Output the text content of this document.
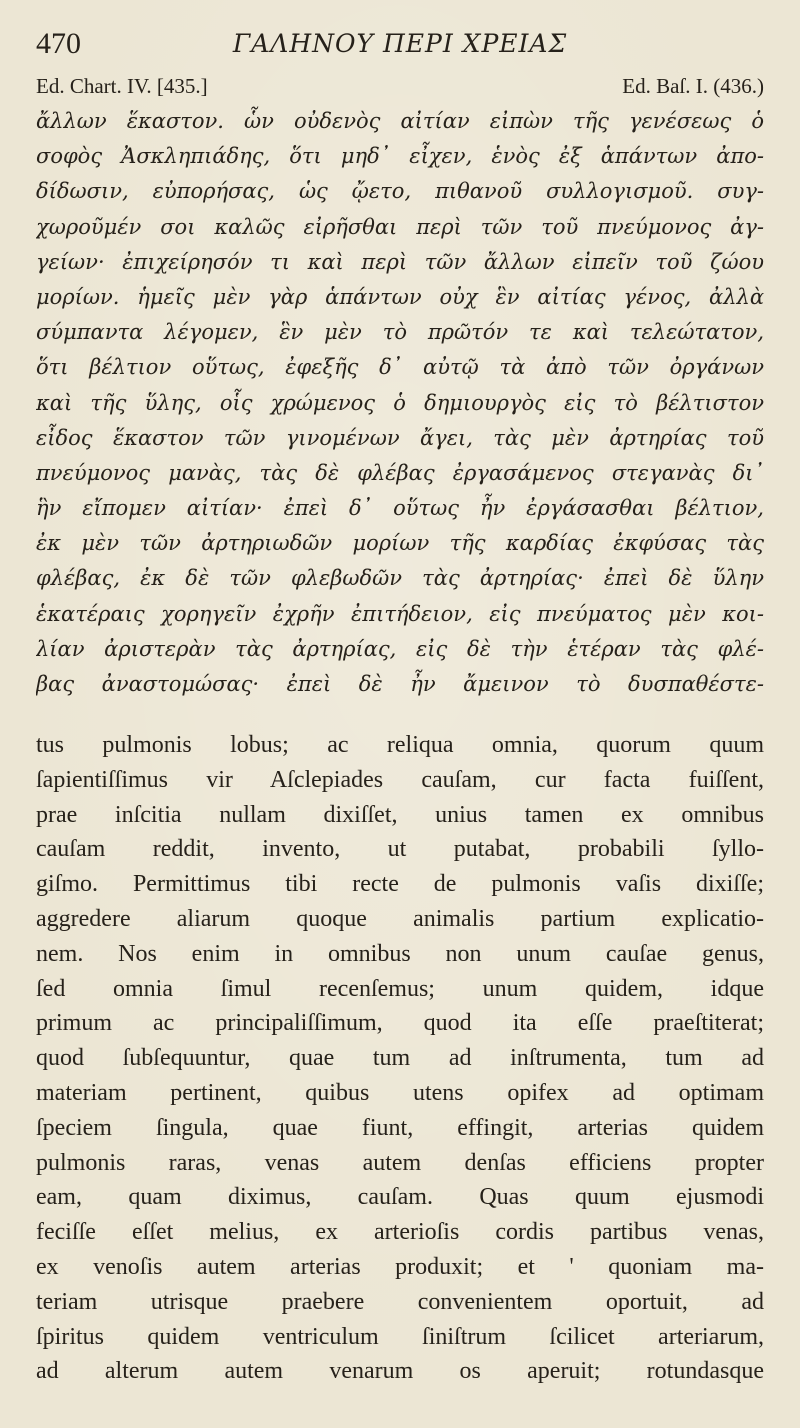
470	ΓΑΛΗΝΟΥ ΠΕΡΙ ΧΡΕΙΑΣ
Ed. Chart. IV. [435.]	Ed. Baſ. I. (436.)
ἄλλων ἕκαστον. ὧν οὐδενὸς αἰτίαν εἰπὼν τῆς γενέσεως ὁ
σοφὸς Ἀσκληπιάδης, ὅτι μηδ᾽ εἶχεν, ἑνὸς ἐξ ἁπάντων ἀπο-
δίδωσιν, εὐπορήσας, ὡς ᾤετο, πιθανοῦ συλλογισμοῦ. συγ-
χωροῦμέν σοι καλῶς εἰρῆσθαι περὶ τῶν τοῦ πνεύμονος ἀγ-
γείων· ἐπιχείρησόν τι καὶ περὶ τῶν ἄλλων εἰπεῖν τοῦ ζώου
μορίων. ἡμεῖς μὲν γὰρ ἁπάντων οὐχ ἓν αἰτίας γένος, ἀλλὰ
σύμπαντα λέγομεν, ἓν μὲν τὸ πρῶτόν τε καὶ τελεώτατον,
ὅτι βέλτιον οὕτως, ἐφεξῆς δ᾽ αὐτῷ τὰ ἀπὸ τῶν ὀργάνων
καὶ τῆς ὕλης, οἷς χρώμενος ὁ δημιουργὸς εἰς τὸ βέλτιστον
εἶδος ἕκαστον τῶν γινομένων ἄγει, τὰς μὲν ἀρτηρίας τοῦ
πνεύμονος μανὰς, τὰς δὲ φλέβας ἐργασάμενος στεγανὰς δι᾽
ἣν εἴπομεν αἰτίαν· ἐπεὶ δ᾽ οὕτως ἦν ἐργάσασθαι βέλτιον,
ἐκ μὲν τῶν ἀρτηριωδῶν μορίων τῆς καρδίας ἐκφύσας τὰς
φλέβας, ἐκ δὲ τῶν φλεβωδῶν τὰς ἀρτηρίας· ἐπεὶ δὲ ὕλην
ἑκατέραις χορηγεῖν ἐχρῆν ἐπιτήδειον, εἰς πνεύματος μὲν κοι-
λίαν ἀριστερὰν τὰς ἀρτηρίας, εἰς δὲ τὴν ἑτέραν τὰς φλέ-
βας ἀναστομώσας· ἐπεὶ δὲ ἦν ἄμεινον τὸ δυσπαθέστε-
tus pulmonis lobus; ac reliqua omnia, quorum quum
ſapientiſſimus vir Aſclepiades cauſam, cur facta fuiſſent,
prae inſcitia nullam dixiſſet, unius tamen ex omnibus
cauſam reddit, invento, ut putabat, probabili ſyllo-
giſmo. Permittimus tibi recte de pulmonis vaſis dixiſſe;
aggredere aliarum quoque animalis partium explicatio-
nem. Nos enim in omnibus non unum cauſae genus,
ſed omnia ſimul recenſemus; unum quidem, idque
primum ac principaliſſimum, quod ita eſſe praeſtiterat;
quod ſubſequuntur, quae tum ad inſtrumenta, tum ad
materiam pertinent, quibus utens opifex ad optimam
ſpeciem ſingula, quae fiunt, effingit, arterias quidem
pulmonis raras, venas autem denſas efficiens propter
eam, quam diximus, cauſam. Quas quum ejusmodi
feciſſe eſſet melius, ex arterioſis cordis partibus venas,
ex venoſis autem arterias produxit; et ' quoniam ma-
teriam utrisque praebere convenientem oportuit, ad
ſpiritus quidem ventriculum ſiniſtrum ſcilicet arteriarum,
ad alterum autem venarum os aperuit; rotundasque
